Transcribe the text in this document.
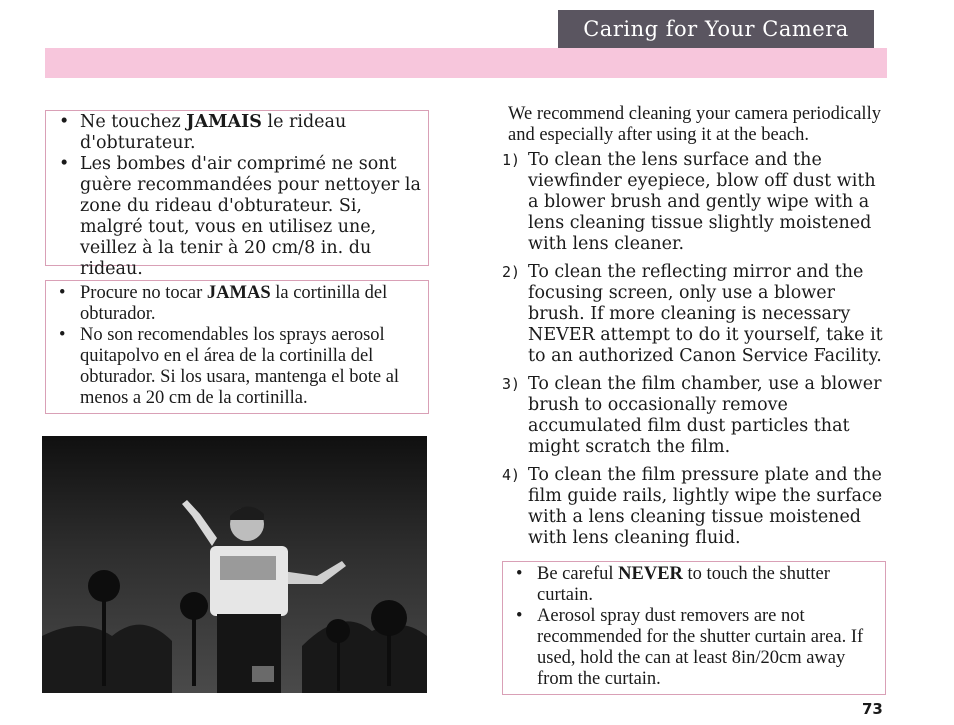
Caring for Your Camera
• Ne touchez JAMAIS le rideau d'obturateur.
• Les bombes d'air comprimé ne sont guère recommandées pour nettoyer la zone du rideau d'obturateur. Si, malgré tout, vous en utilisez une, veillez à la tenir à 20 cm/8 in. du rideau.
• Procure no tocar JAMAS la cortinilla del obturador.
• No son recomendables los sprays aerosol quitapolvo en el área de la cortinilla del obturador. Si los usara, mantenga el bote al menos a 20 cm de la cortinilla.
We recommend cleaning your camera periodically and especially after using it at the beach.
1) To clean the lens surface and the viewfinder eyepiece, blow off dust with a blower brush and gently wipe with a lens cleaning tissue slightly moistened with lens cleaner.
2) To clean the reflecting mirror and the focusing screen, only use a blower brush. If more cleaning is necessary NEVER attempt to do it yourself, take it to an authorized Canon Service Facility.
3) To clean the film chamber, use a blower brush to occasionally remove accumulated film dust particles that might scratch the film.
4) To clean the film pressure plate and the film guide rails, lightly wipe the surface with a lens cleaning tissue moistened with lens cleaning fluid.
• Be careful NEVER to touch the shutter curtain.
• Aerosol spray dust removers are not recommended for the shutter curtain area. If used, hold the can at least 8in/20cm away from the curtain.
73
